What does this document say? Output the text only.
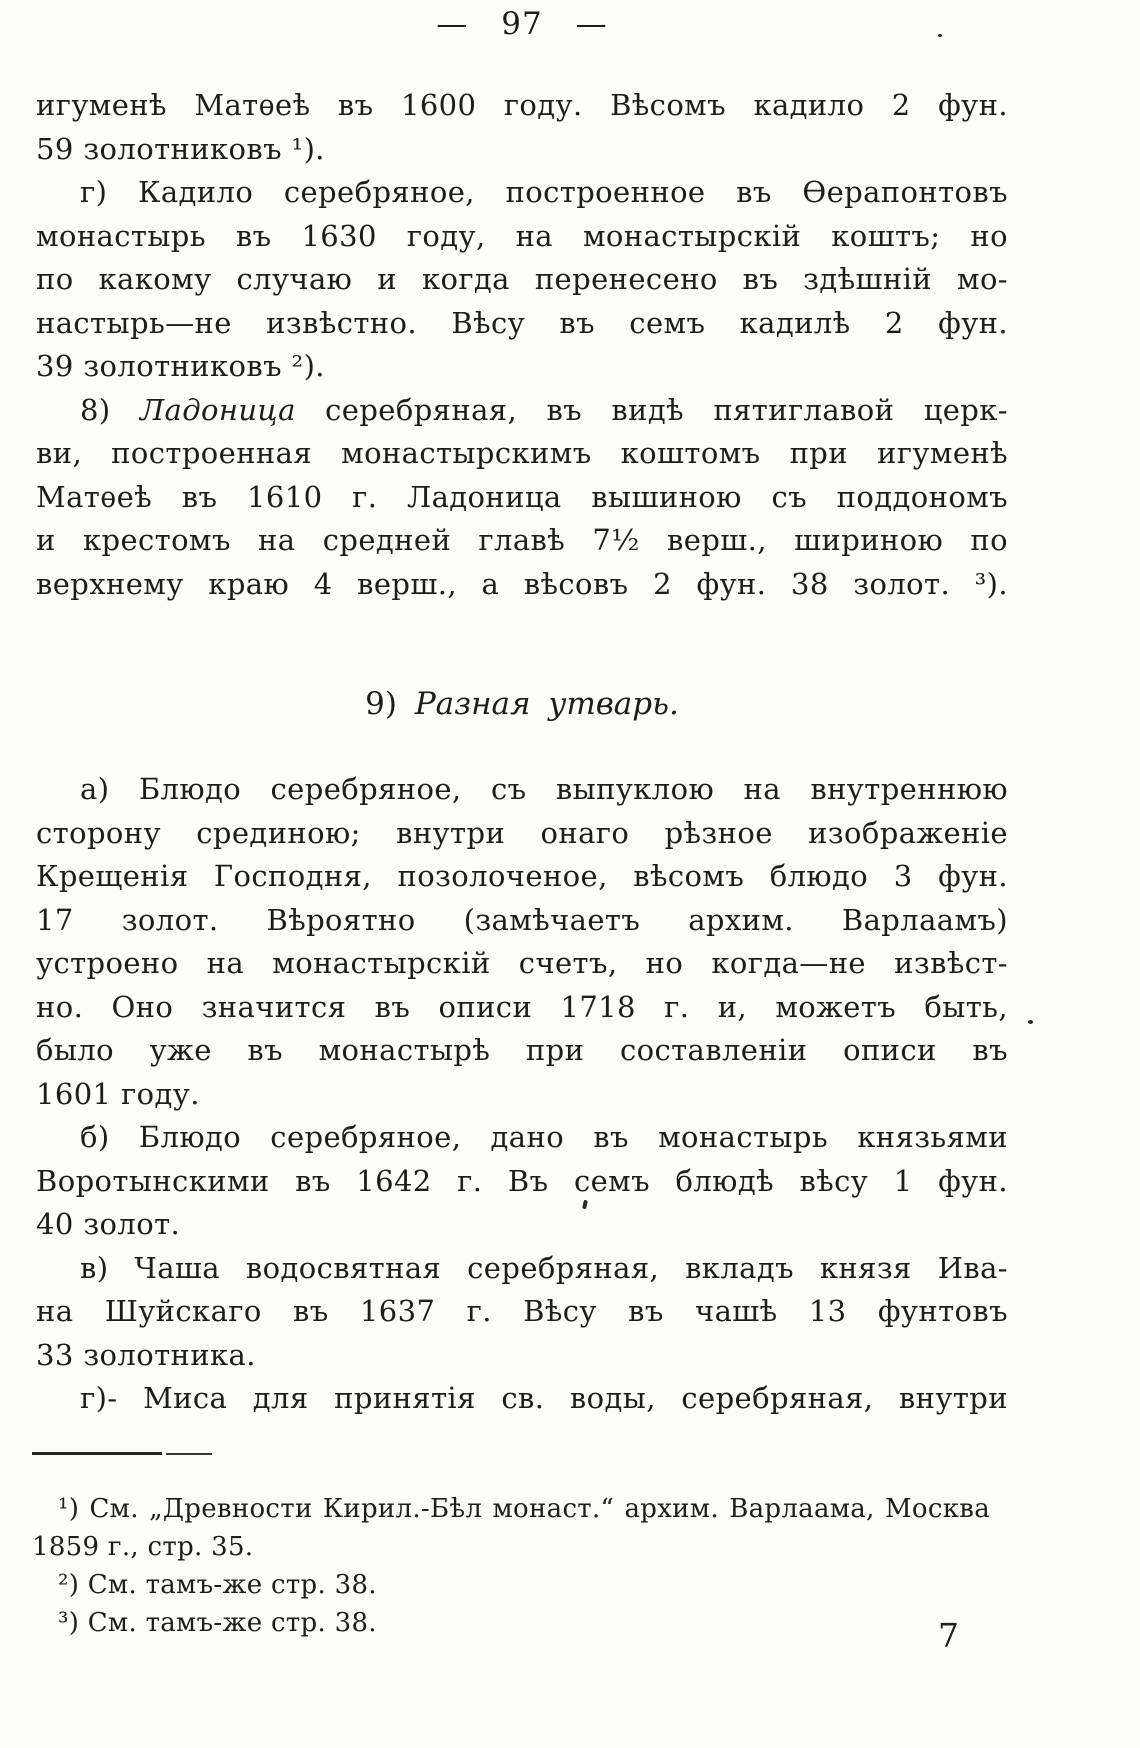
— 97 —
игуменѣ Матѳеѣ въ 1600 году. Вѣсомъ кадило 2 фун.
59 золотниковъ ¹).
г) Кадило серебряное, построенное въ Ѳерапонтовъ
монастырь въ 1630 году, на монастырскій коштъ; но
по какому случаю и когда перенесено въ здѣшній мо-
настырь—не извѣстно. Вѣсу въ семъ кадилѣ 2 фун.
39 золотниковъ ²).
8) Ладоница серебряная, въ видѣ пятиглавой церк-
ви, построенная монастырскимъ коштомъ при игуменѣ
Матѳеѣ въ 1610 г. Ладоница вышиною съ поддономъ
и крестомъ на средней главѣ 7½ верш., шириною по
верхнему краю 4 верш., а вѣсовъ 2 фун. 38 золот. ³).
9) Разная утварь.
а) Блюдо серебряное, съ выпуклою на внутреннюю
сторону срединою; внутри онаго рѣзное изображеніе
Крещенія Господня, позолоченое, вѣсомъ блюдо 3 фун.
17 золот. Вѣроятно (замѣчаетъ архим. Варлаамъ)
устроено на монастырскій счетъ, но когда—не извѣст-
но. Оно значится въ описи 1718 г. и, можетъ быть,
было уже въ монастырѣ при составленіи описи въ
1601 году.
б) Блюдо серебряное, дано въ монастырь князьями
Воротынскими въ 1642 г. Въ семъ блюдѣ вѣсу 1 фун.
40 золот.
в) Чаша водосвятная серебряная, вкладъ князя Ива-
на Шуйскаго въ 1637 г. Вѣсу въ чашѣ 13 фунтовъ
33 золотника.
г)- Миса для принятія св. воды, серебряная, внутри
¹) См. „Древности Кирил.-Бѣл монаст.“ архим. Варлаама, Москва
1859 г., стр. 35.
²) См. тамъ-же стр. 38.
³) См. тамъ-же стр. 38.	7
